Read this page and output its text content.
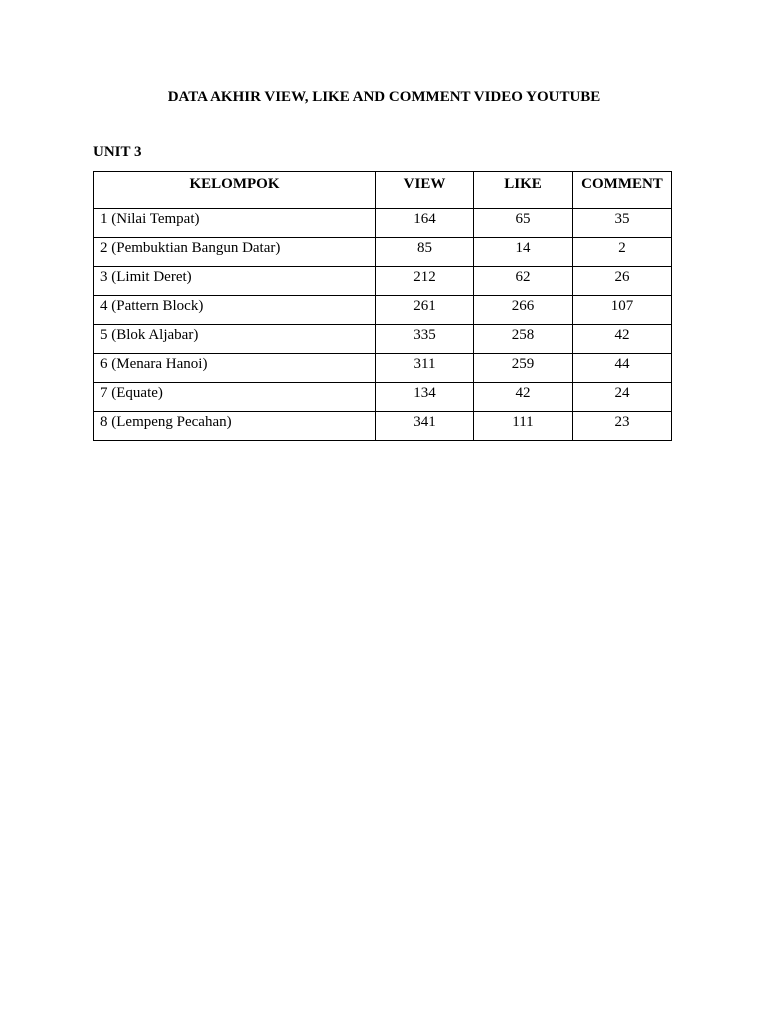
DATA AKHIR VIEW, LIKE AND COMMENT VIDEO YOUTUBE
UNIT 3
KELOMPOK	VIEW	LIKE	COMMENT
1 (Nilai Tempat)	164	65	35
2 (Pembuktian Bangun Datar)	85	14	2
3 (Limit Deret)	212	62	26
4 (Pattern Block)	261	266	107
5 (Blok Aljabar)	335	258	42
6 (Menara Hanoi)	311	259	44
7 (Equate)	134	42	24
8 (Lempeng Pecahan)	341	111	23
